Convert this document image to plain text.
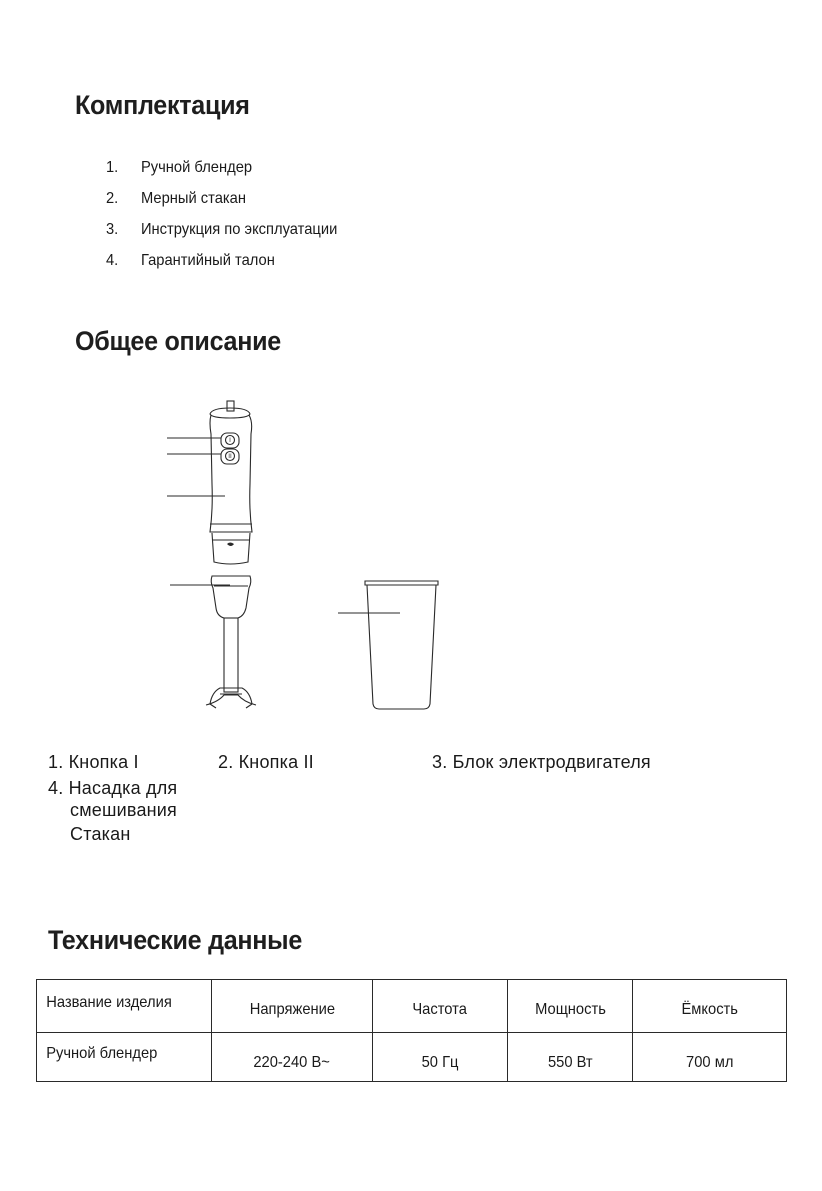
Комплектация
1. Ручной блендер
2. Мерный стакан
3. Инструкция по эксплуатации
4. Гарантийный талон
Общее описание
I
II
1. Кнопка I	2. Кнопка II	3. Блок электродвигателя
4. Насадка для
смешивания
Стакан
Технические данные
Название изделия	Напряжение	Частота	Мощность	Ёмкость
Ручной блендер	220-240 В~	50 Гц	550 Вт	700 мл
